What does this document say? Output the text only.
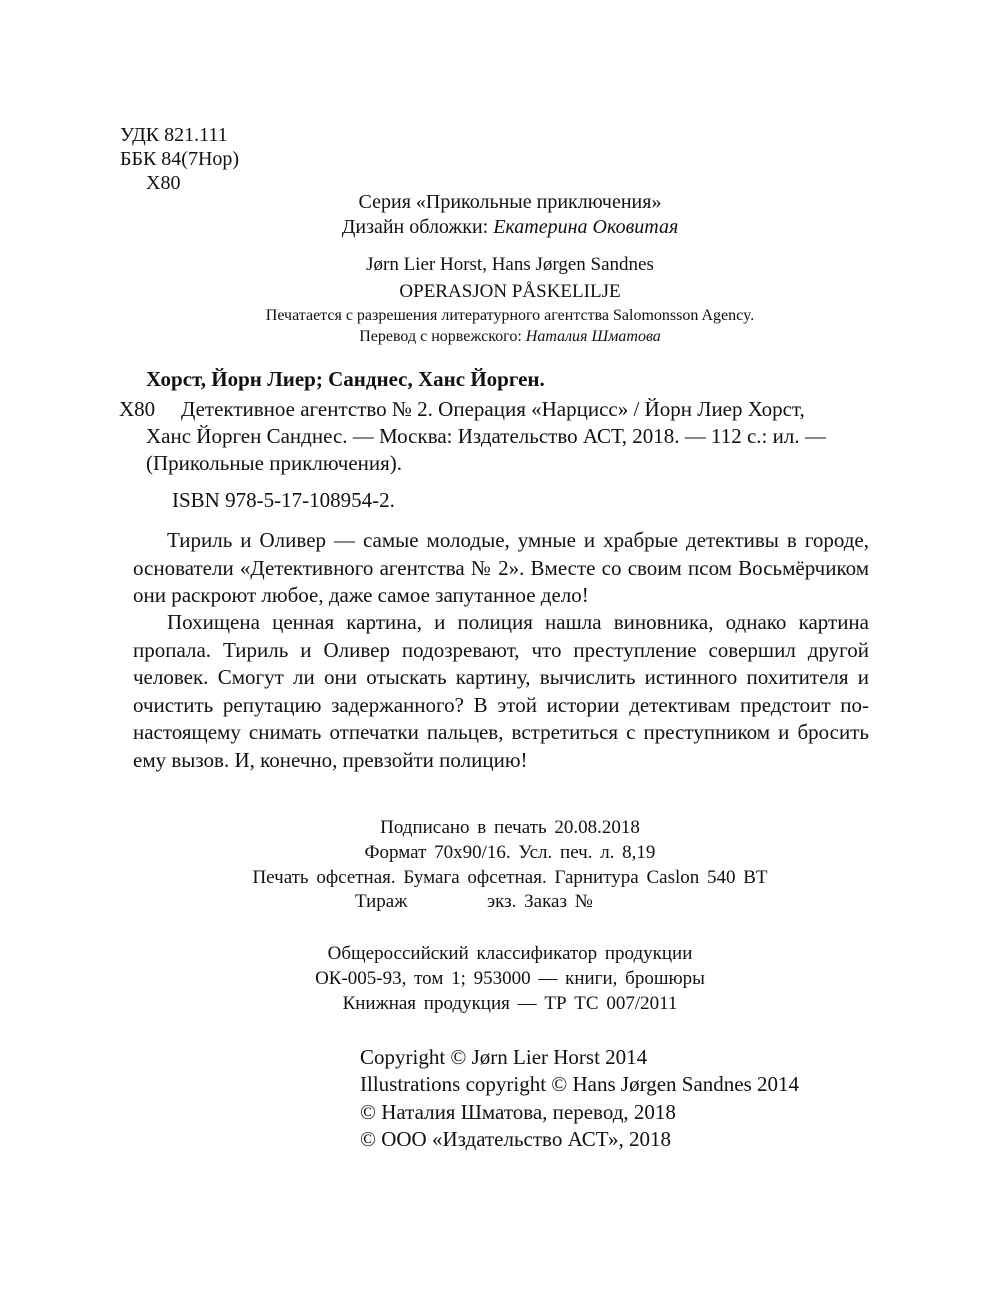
УДК 821.111
ББК 84(7Нор)
Х80
Серия «Прикольные приключения»
Дизайн обложки: Екатерина Оковитая
Jørn Lier Horst, Hans Jørgen Sandnes
OPERASJON PÅSKELILJE
Печатается с разрешения литературного агентства Salomonsson Agency.
Перевод с норвежского: Наталия Шматова
Хорст, Йорн Лиер; Санднес, Ханс Йорген.
Х80 Детективное агентство № 2. Операция «Нарцисс» / Йорн Лиер Хорст,
Ханс Йорген Санднес. — Москва: Издательство АСТ, 2018. — 112 с.: ил. —
(Прикольные приключения).
ISBN 978-5-17-108954-2.

Тириль и Оливер — самые молодые, умные и храбрые детективы в городе, основатели «Детективного агентства № 2». Вместе со своим псом Восьмёрчиком они раскроют любое, даже самое запутанное дело!

Похищена ценная картина, и полиция нашла виновника, однако картина пропала. Тириль и Оливер подозревают, что преступление совершил другой человек. Смогут ли они отыскать картину, вычислить истинного похитителя и очистить репутацию задержанного? В этой истории детективам предстоит по-настоящему снимать отпечатки пальцев, встретиться с преступником и бросить ему вызов. И, конечно, превзойти полицию!

Подписано в печать 20.08.2018
Формат 70x90/16. Усл. печ. л. 8,19
Печать офсетная. Бумага офсетная. Гарнитура Caslon 540 BT
Тираж	экз. Заказ №
Общероссийский классификатор продукции
ОК-005-93, том 1; 953000 — книги, брошюры
Книжная продукция — ТР ТС 007/2011
Copyright © Jørn Lier Horst 2014
Illustrations copyright © Hans Jørgen Sandnes 2014
© Наталия Шматова, перевод, 2018
© ООО «Издательство АСТ», 2018
